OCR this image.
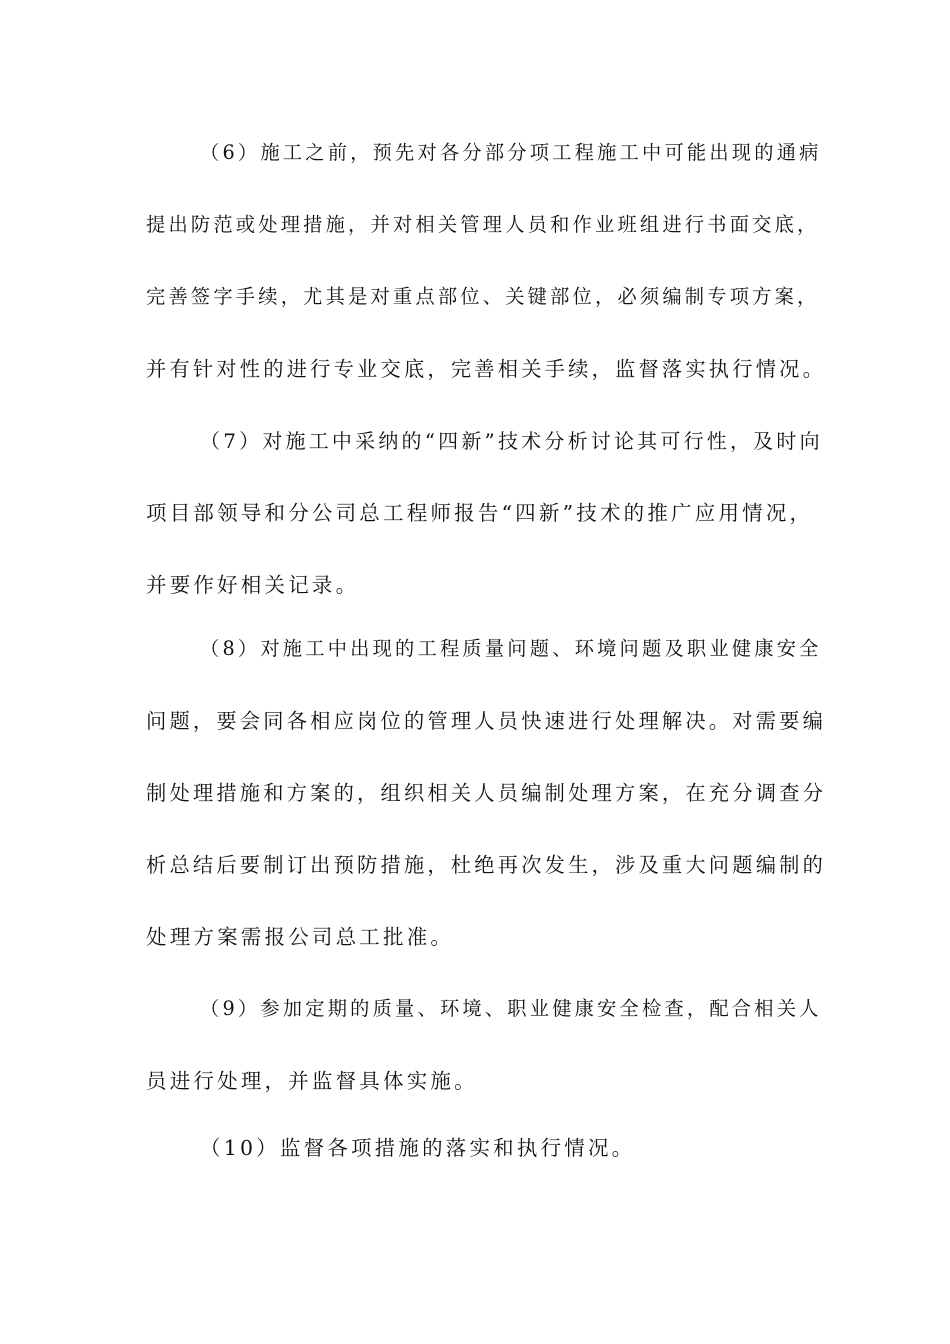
（6）施工之前，预先对各分部分项工程施工中可能出现的通病
提出防范或处理措施，并对相关管理人员和作业班组进行书面交底，
完善签字手续，尤其是对重点部位、关键部位，必须编制专项方案，
并有针对性的进行专业交底，完善相关手续，监督落实执行情况。
（7）对施工中采纳的“四新”技术分析讨论其可行性，及时向
项目部领导和分公司总工程师报告“四新”技术的推广应用情况，
并要作好相关记录。
（8）对施工中出现的工程质量问题、环境问题及职业健康安全
问题，要会同各相应岗位的管理人员快速进行处理解决。对需要编
制处理措施和方案的，组织相关人员编制处理方案，在充分调查分
析总结后要制订出预防措施，杜绝再次发生，涉及重大问题编制的
处理方案需报公司总工批准。
（9）参加定期的质量、环境、职业健康安全检查，配合相关人
员进行处理，并监督具体实施。
（10）监督各项措施的落实和执行情况。
